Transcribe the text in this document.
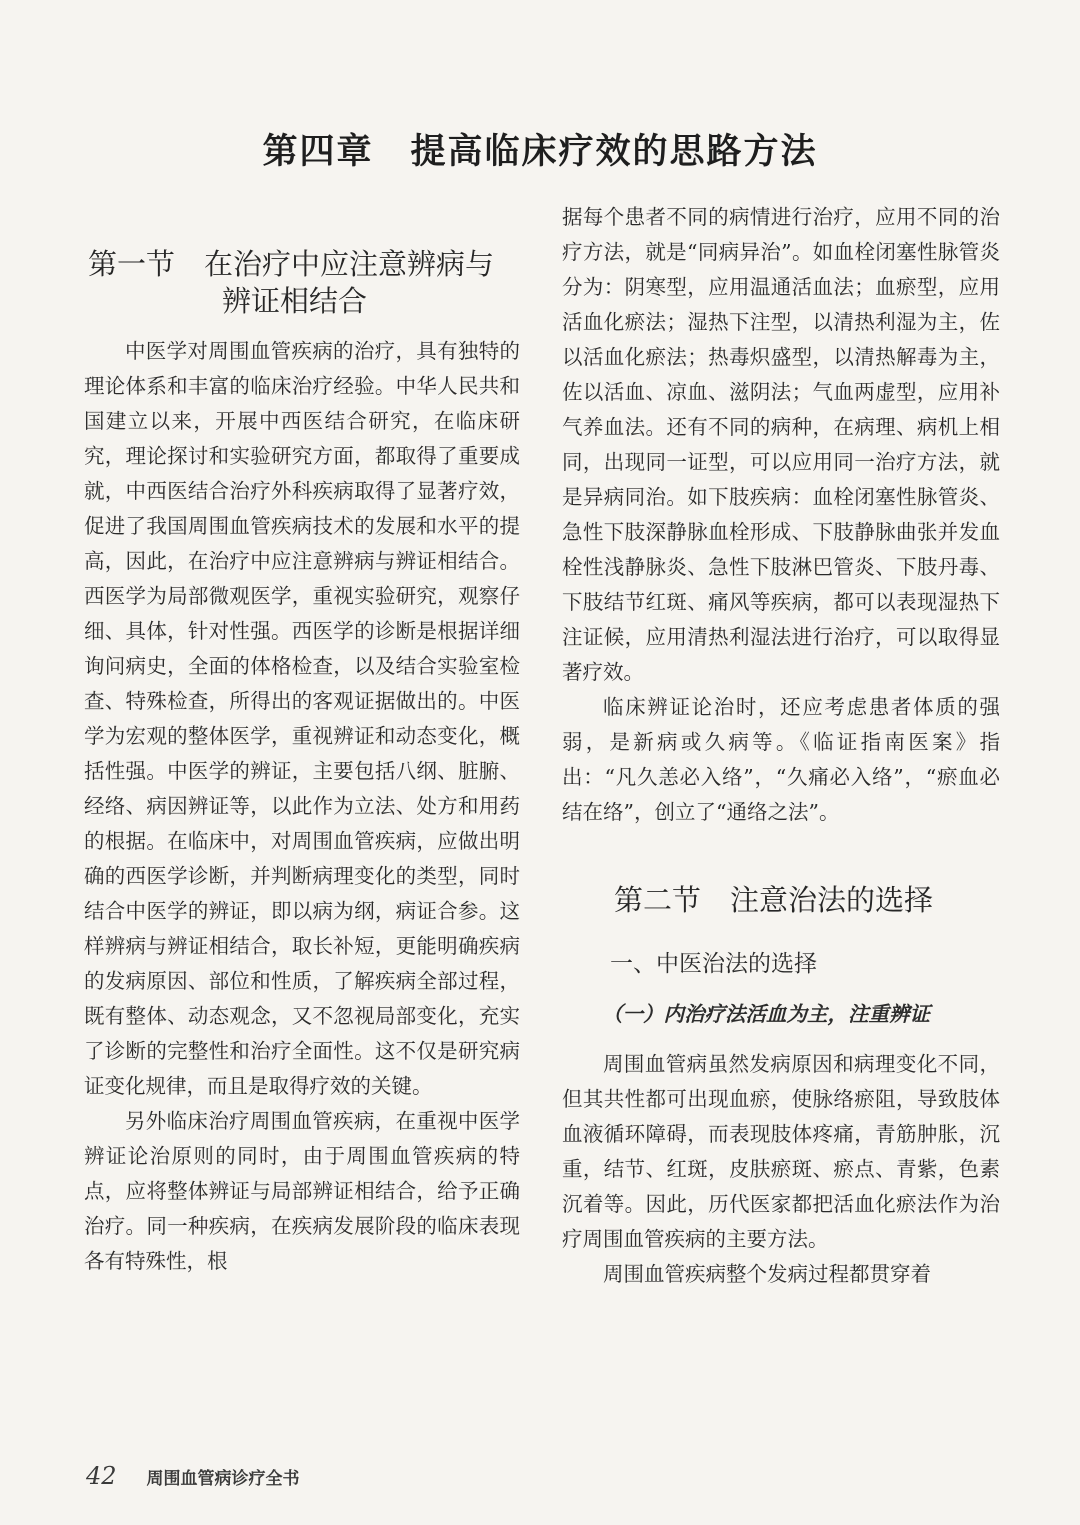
第四章　提高临床疗效的思路方法
第一节　在治疗中应注意辨病与
辨证相结合

中医学对周围血管疾病的治疗，具有独特的理论体系和丰富的临床治疗经验。中华人民共和国建立以来，开展中西医结合研究，在临床研究，理论探讨和实验研究方面，都取得了重要成就，中西医结合治疗外科疾病取得了显著疗效，促进了我国周围血管疾病技术的发展和水平的提高，因此，在治疗中应注意辨病与辨证相结合。西医学为局部微观医学，重视实验研究，观察仔细、具体，针对性强。西医学的诊断是根据详细询问病史，全面的体格检查，以及结合实验室检查、特殊检查，所得出的客观证据做出的。中医学为宏观的整体医学，重视辨证和动态变化，概括性强。中医学的辨证，主要包括八纲、脏腑、经络、病因辨证等，以此作为立法、处方和用药的根据。在临床中，对周围血管疾病，应做出明确的西医学诊断，并判断病理变化的类型，同时结合中医学的辨证，即以病为纲，病证合参。这样辨病与辨证相结合，取长补短，更能明确疾病的发病原因、部位和性质，了解疾病全部过程，既有整体、动态观念，又不忽视局部变化，充实了诊断的完整性和治疗全面性。这不仅是研究病证变化规律，而且是取得疗效的关键。

另外临床治疗周围血管疾病，在重视中医学辨证论治原则的同时，由于周围血管疾病的特点，应将整体辨证与局部辨证相结合，给予正确治疗。同一种疾病，在疾病发展阶段的临床表现各有特殊性，根

据每个患者不同的病情进行治疗，应用不同的治疗方法，就是“同病异治”。如血栓闭塞性脉管炎分为：阴寒型，应用温通活血法；血瘀型，应用活血化瘀法；湿热下注型，以清热利湿为主，佐以活血化瘀法；热毒炽盛型，以清热解毒为主，佐以活血、凉血、滋阴法；气血两虚型，应用补气养血法。还有不同的病种，在病理、病机上相同，出现同一证型，可以应用同一治疗方法，就是异病同治。如下肢疾病：血栓闭塞性脉管炎、急性下肢深静脉血栓形成、下肢静脉曲张并发血栓性浅静脉炎、急性下肢淋巴管炎、下肢丹毒、下肢结节红斑、痛风等疾病，都可以表现湿热下注证候，应用清热利湿法进行治疗，可以取得显著疗效。

临床辨证论治时，还应考虑患者体质的强弱，是新病或久病等。《临证指南医案》指出：“凡久恙必入络”，“久痛必入络”，“瘀血必结在络”，创立了“通络之法”。

第二节　注意治法的选择
一、中医治法的选择
（一）内治疗法活血为主，注重辨证

周围血管病虽然发病原因和病理变化不同，但其共性都可出现血瘀，使脉络瘀阻，导致肢体血液循环障碍，而表现肢体疼痛，青筋肿胀，沉重，结节、红斑，皮肤瘀斑、瘀点、青紫，色素沉着等。因此，历代医家都把活血化瘀法作为治疗周围血管疾病的主要方法。

周围血管疾病整个发病过程都贯穿着

42 周围血管病诊疗全书
